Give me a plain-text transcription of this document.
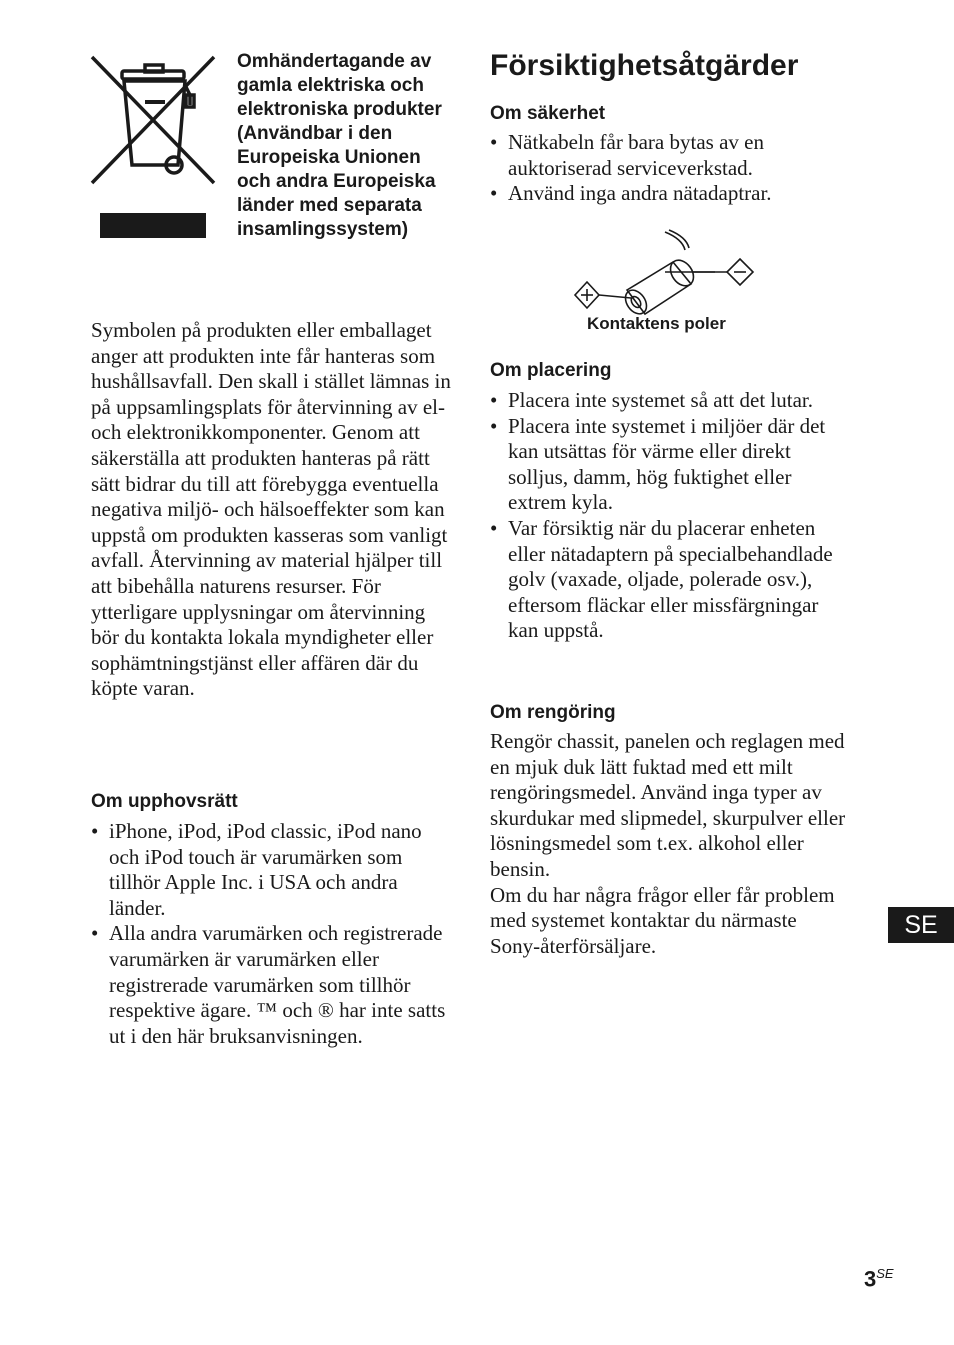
Omhändertagande av gamla elektriska och elektroniska produkter (Användbar i den Europeiska Unionen och andra Europeiska länder med separata insamlingssystem)

Symbolen på produkten eller emballaget anger att produkten inte får hanteras som hushållsavfall. Den skall i stället lämnas in på uppsamlingsplats för återvinning av el- och elektronikkomponenter. Genom att säkerställa att produkten hanteras på rätt sätt bidrar du till att förebygga eventuella negativa miljö- och hälsoeffekter som kan uppstå om produkten kasseras som vanligt avfall. Återvinning av material hjälper till att bibehålla naturens resurser. För ytterligare upplysningar om återvinning bör du kontakta lokala myndigheter eller sophämtningstjänst eller affären där du köpte varan.

Om upphovsrätt
• iPhone, iPod, iPod classic, iPod nano och iPod touch är varumärken som tillhör Apple Inc. i USA och andra länder.
• Alla andra varumärken och registrerade varumärken är varumärken eller registrerade varumärken som tillhör respektive ägare. ™ och ® har inte satts ut i den här bruksanvisningen.
Försiktighetsåtgärder
Om säkerhet
• Nätkabeln får bara bytas av en auktoriserad serviceverkstad.
• Använd inga andra nätadaptrar.
Kontaktens poler
Om placering
• Placera inte systemet så att det lutar.
• Placera inte systemet i miljöer där det kan utsättas för värme eller direkt solljus, damm, hög fuktighet eller extrem kyla.
• Var försiktig när du placerar enheten eller nätadaptern på specialbehandlade golv (vaxade, oljade, polerade osv.), eftersom fläckar eller missfärgningar kan uppstå.
Om rengöring
Rengör chassit, panelen och reglagen med en mjuk duk lätt fuktad med ett milt rengöringsmedel. Använd inga typer av skurdukar med slipmedel, skurpulver eller lösningsmedel som t.ex. alkohol eller bensin.
Om du har några frågor eller får problem med systemet kontaktar du närmaste Sony-återförsäljare.
SE
$3^{SE}$
